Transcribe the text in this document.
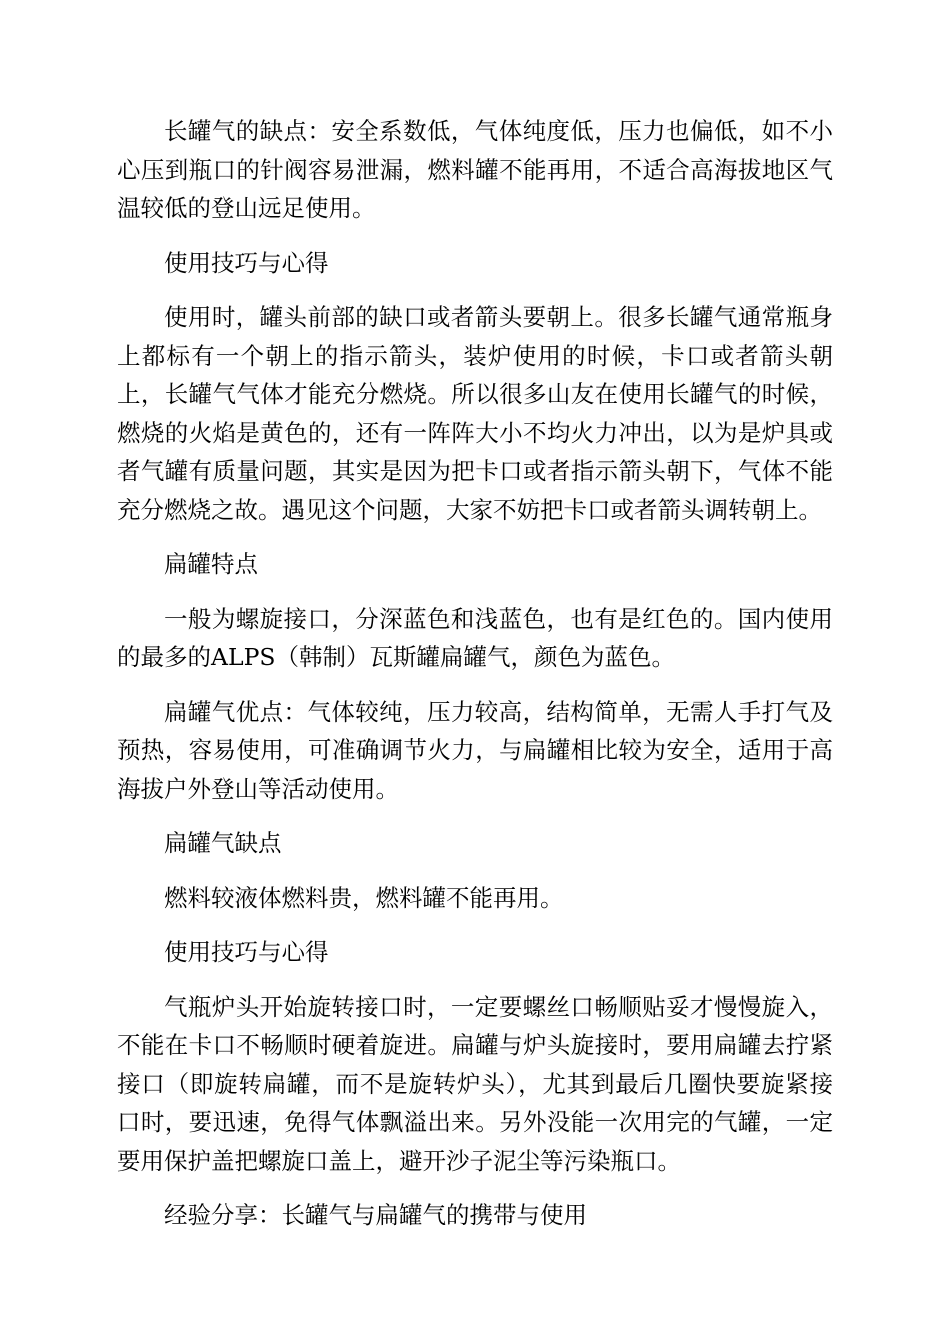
长罐气的缺点：安全系数低，气体纯度低，压力也偏低，如不小心压到瓶口的针阀容易泄漏，燃料罐不能再用，不适合高海拔地区气温较低的登山远足使用。

使用技巧与心得

使用时，罐头前部的缺口或者箭头要朝上。很多长罐气通常瓶身上都标有一个朝上的指示箭头，装炉使用的时候，卡口或者箭头朝上，长罐气气体才能充分燃烧。所以很多山友在使用长罐气的时候，燃烧的火焰是黄色的，还有一阵阵大小不均火力冲出，以为是炉具或者气罐有质量问题，其实是因为把卡口或者指示箭头朝下，气体不能充分燃烧之故。遇见这个问题，大家不妨把卡口或者箭头调转朝上。

扁罐特点

一般为螺旋接口，分深蓝色和浅蓝色，也有是红色的。国内使用的最多的ALPS（韩制）瓦斯罐扁罐气，颜色为蓝色。

扁罐气优点：气体较纯，压力较高，结构简单，无需人手打气及预热，容易使用，可准确调节火力，与扁罐相比较为安全，适用于高海拔户外登山等活动使用。

扁罐气缺点

燃料较液体燃料贵，燃料罐不能再用。

使用技巧与心得

气瓶炉头开始旋转接口时，一定要螺丝口畅顺贴妥才慢慢旋入，不能在卡口不畅顺时硬着旋进。扁罐与炉头旋接时，要用扁罐去拧紧接口（即旋转扁罐，而不是旋转炉头），尤其到最后几圈快要旋紧接口时，要迅速，免得气体飘溢出来。另外没能一次用完的气罐，一定要用保护盖把螺旋口盖上，避开沙子泥尘等污染瓶口。

经验分享：长罐气与扁罐气的携带与使用
